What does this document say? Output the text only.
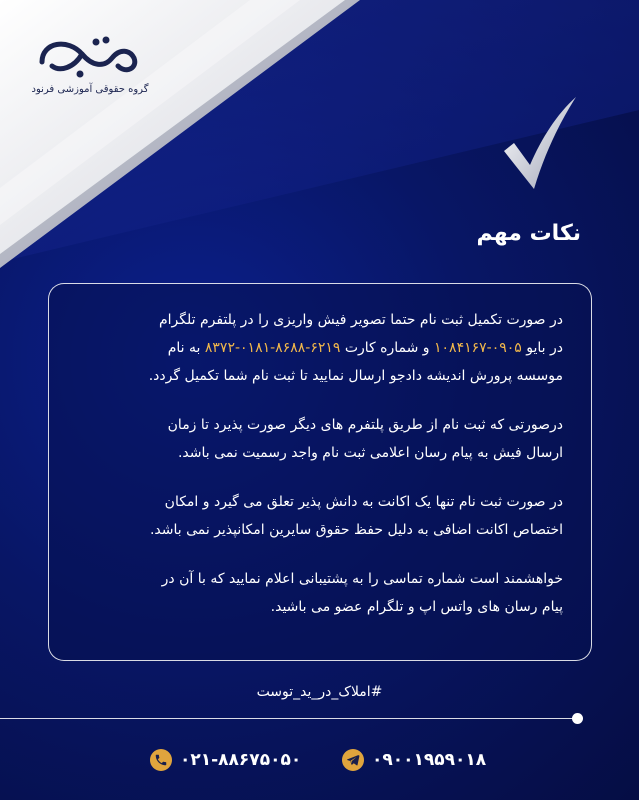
گروه حقوقی آموزشی فرنود
نکات مهم

در صورت تکمیل ثبت نام حتما تصویر فیش واریزی را در پلتفرم تلگرام
در بایو ۰۹۰۵-۱۰۸۴۱۶۷ و شماره کارت ۶۲۱۹-۸۶۸۸-۰۱۸۱-۸۳۷۲ به نام
موسسه پرورش اندیشه دادجو ارسال نمایید تا ثبت نام شما تکمیل گردد.

درصورتی که ثبت نام از طریق پلتفرم های دیگر صورت پذیرد تا زمان
ارسال فیش به پیام رسان اعلامی ثبت نام واجد رسمیت نمی باشد.

در صورت ثبت نام تنها یک اکانت به دانش پذیر تعلق می گیرد و امکان
اختصاص اکانت اضافی به دلیل حفظ حقوق سایرین امکانپذیر نمی باشد.

خواهشمند است شماره تماسی را به پشتیبانی اعلام نمایید که با آن در
پیام رسان های واتس اپ و تلگرام عضو می باشید.

#املاک_در_ید_توست
۰۲۱-۸۸۶۷۵۰۵۰	۰۹۰۰۱۹۵۹۰۱۸
